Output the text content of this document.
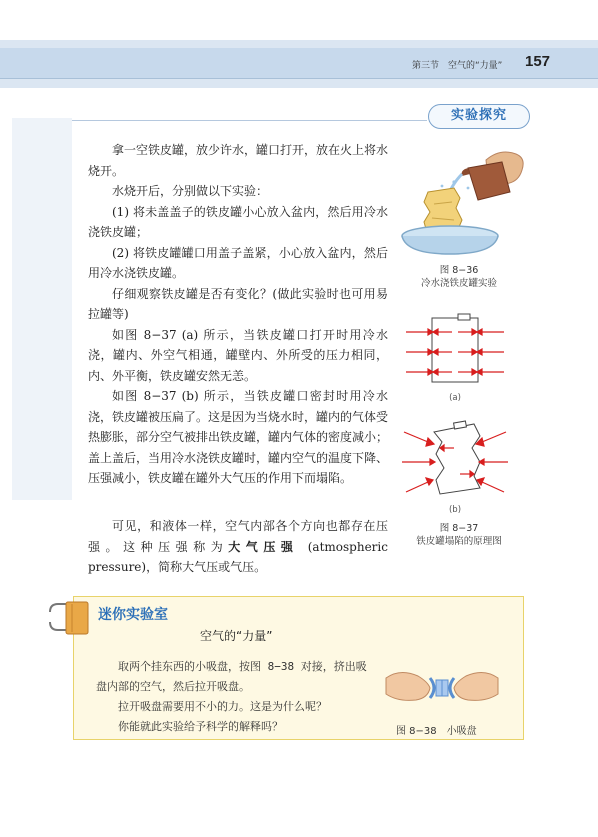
第三节　空气的“力量” 157
实验探究

拿一空铁皮罐，放少许水，罐口打开，放在火上将水烧开。

水烧开后，分别做以下实验：

(1) 将未盖盖子的铁皮罐小心放入盆内，然后用冷水浇铁皮罐；

(2) 将铁皮罐罐口用盖子盖紧，小心放入盆内，然后用冷水浇铁皮罐。

仔细观察铁皮罐是否有变化？(做此实验时也可用易拉罐等)

如图 8−37 (a) 所示，当铁皮罐口打开时用冷水浇，罐内、外空气相通，罐壁内、外所受的压力相同，内、外平衡，铁皮罐安然无恙。

如图 8−37 (b) 所示，当铁皮罐口密封时用冷水浇，铁皮罐被压扁了。这是因为当烧水时，罐内的气体受热膨胀，部分空气被排出铁皮罐，罐内气体的密度减小；盖上盖后，当用冷水浇铁皮罐时，罐内空气的温度下降、压强减小，铁皮罐在罐外大气压的作用下而塌陷。

可见，和液体一样，空气内部各个方向也都存在压强。这种压强称为大气压强 (atmospheric pressure)，简称大气压或气压。

图 8−36
冷水浇铁皮罐实验
(a)
(b)
图 8−37
铁皮罐塌陷的原理图
迷你实验室
空气的“力量”

取两个挂东西的小吸盘，按图 8−38 对接，挤出吸盘内部的空气，然后拉开吸盘。

拉开吸盘需要用不小的力。这是为什么呢？

你能就此实验给予科学的解释吗？	图 8−38　小吸盘
